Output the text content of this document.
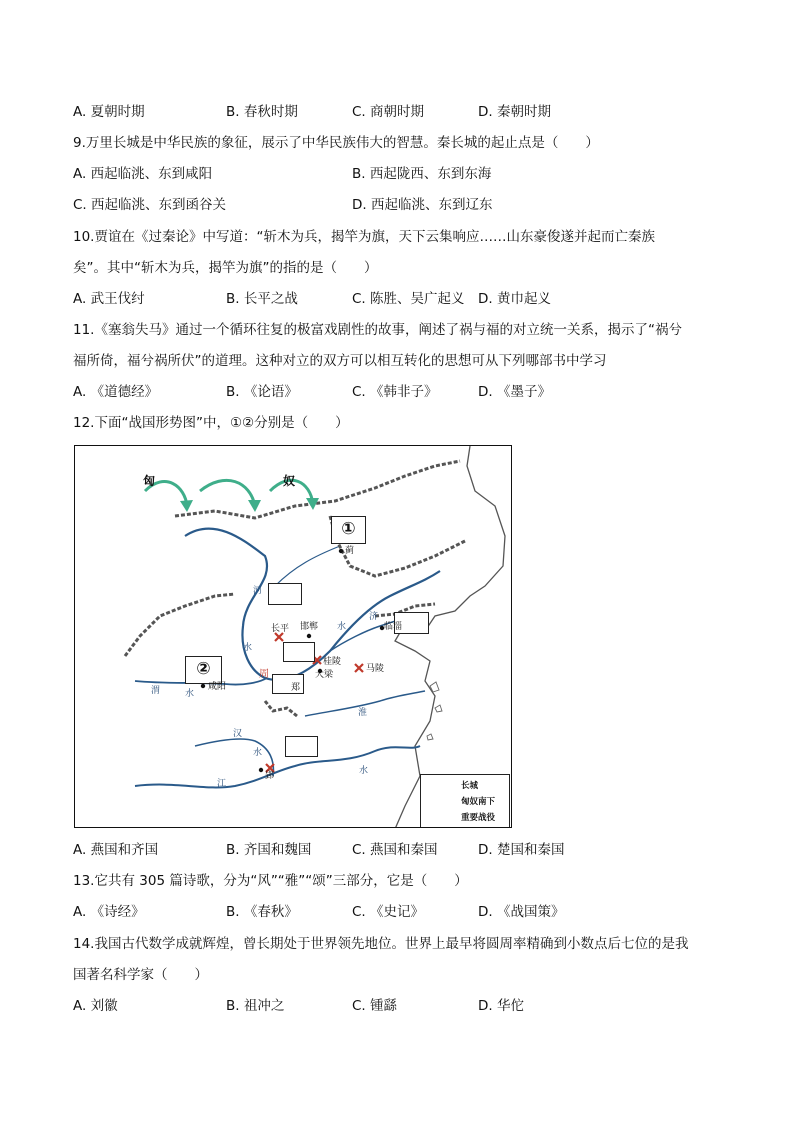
A. 夏朝时期	B. 春秋时期	C. 商朝时期	D. 秦朝时期
9.万里长城是中华民族的象征，展示了中华民族伟大的智慧。秦长城的起止点是（　　）
A. 西起临洮、东到咸阳	B. 西起陇西、东到东海
C. 西起临洮、东到函谷关	D. 西起临洮、东到辽东
10.贾谊在《过秦论》中写道：“斩木为兵，揭竿为旗，天下云集响应……山东豪俊遂并起而亡秦族
矣”。其中“斩木为兵，揭竿为旗”的指的是（　　）
A. 武王伐纣	B. 长平之战	C. 陈胜、吴广起义 D. 黄巾起义
11.《塞翁失马》通过一个循环往复的极富戏剧性的故事，阐述了祸与福的对立统一关系，揭示了“祸兮
福所倚，福兮祸所伏”的道理。这种对立的双方可以相互转化的思想可从下列哪部书中学习
A. 《道德经》	B. 《论语》	C. 《韩非子》	D. 《墨子》
12.下面“战国形势图”中，①②分别是（　　）
匈	奴
①
②
蓟
邯郸
长平
桂陵
大梁
马陵
咸阳
周
郑
郢
临淄
河
水
济
水
渭	水
汉
江
水
淮
水
长城
匈奴南下
重要战役
A. 燕国和齐国	B. 齐国和魏国	C. 燕国和秦国	D. 楚国和秦国
13.它共有 305 篇诗歌，分为“风”“雅”“颂”三部分，它是（　　）
A. 《诗经》	B. 《春秋》	C. 《史记》	D. 《战国策》
14.我国古代数学成就辉煌，曾长期处于世界领先地位。世界上最早将圆周率精确到小数点后七位的是我
国著名科学家（　　）
A. 刘徽	B. 祖冲之	C. 锺繇	D. 华佗
